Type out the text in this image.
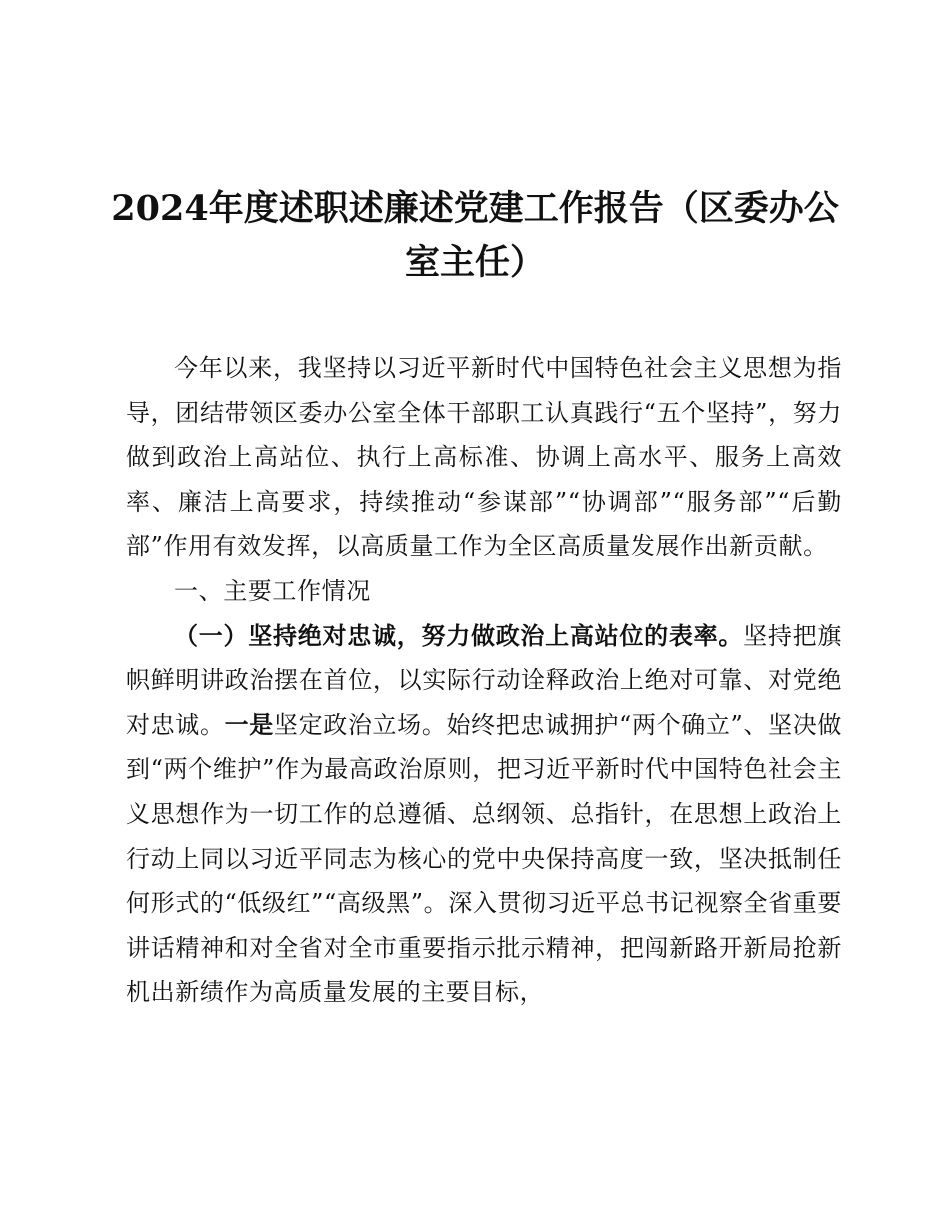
2024年度述职述廉述党建工作报告（区委办公室主任）

今年以来，我坚持以习近平新时代中国特色社会主义思想为指导，团结带领区委办公室全体干部职工认真践行“五个坚持”，努力做到政治上高站位、执行上高标准、协调上高水平、服务上高效率、廉洁上高要求，持续推动“参谋部”“协调部”“服务部”“后勤部”作用有效发挥，以高质量工作为全区高质量发展作出新贡献。

一、主要工作情况

（一）坚持绝对忠诚，努力做政治上高站位的表率。坚持把旗帜鲜明讲政治摆在首位，以实际行动诠释政治上绝对可靠、对党绝对忠诚。一是坚定政治立场。始终把忠诚拥护“两个确立”、坚决做到“两个维护”作为最高政治原则，把习近平新时代中国特色社会主义思想作为一切工作的总遵循、总纲领、总指针，在思想上政治上行动上同以习近平同志为核心的党中央保持高度一致，坚决抵制任何形式的“低级红”“高级黑”。深入贯彻习近平总书记视察全省重要讲话精神和对全省对全市重要指示批示精神，把闯新路开新局抢新机出新绩作为高质量发展的主要目标，
